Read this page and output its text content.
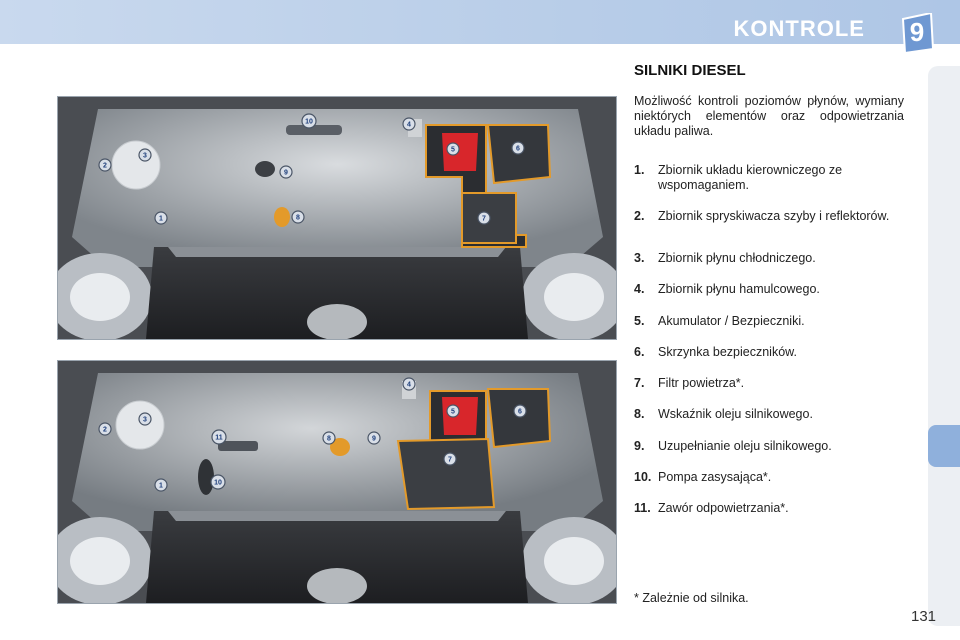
KONTROLE	9
1
2
3
4
5	6
7
8
9
10
1
2
3
4
5	6
7
8	9
10
11
SILNIKI DIESEL
Możliwość kontroli poziomów płynów, wymiany niektórych elementów oraz odpowietrzania układu paliwa.
1. Zbiornik układu kierowniczego ze wspomaganiem.
2. Zbiornik spryskiwacza szyby i reflektorów.
3. Zbiornik płynu chłodniczego.
4. Zbiornik płynu hamulcowego.
5. Akumulator / Bezpieczniki.
6. Skrzynka bezpieczników.
7. Filtr powietrza*.
8. Wskaźnik oleju silnikowego.
9. Uzupełnianie oleju silnikowego.
10. Pompa zasysająca*.
11. Zawór odpowietrzania*.
* Zależnie od silnika.
131
